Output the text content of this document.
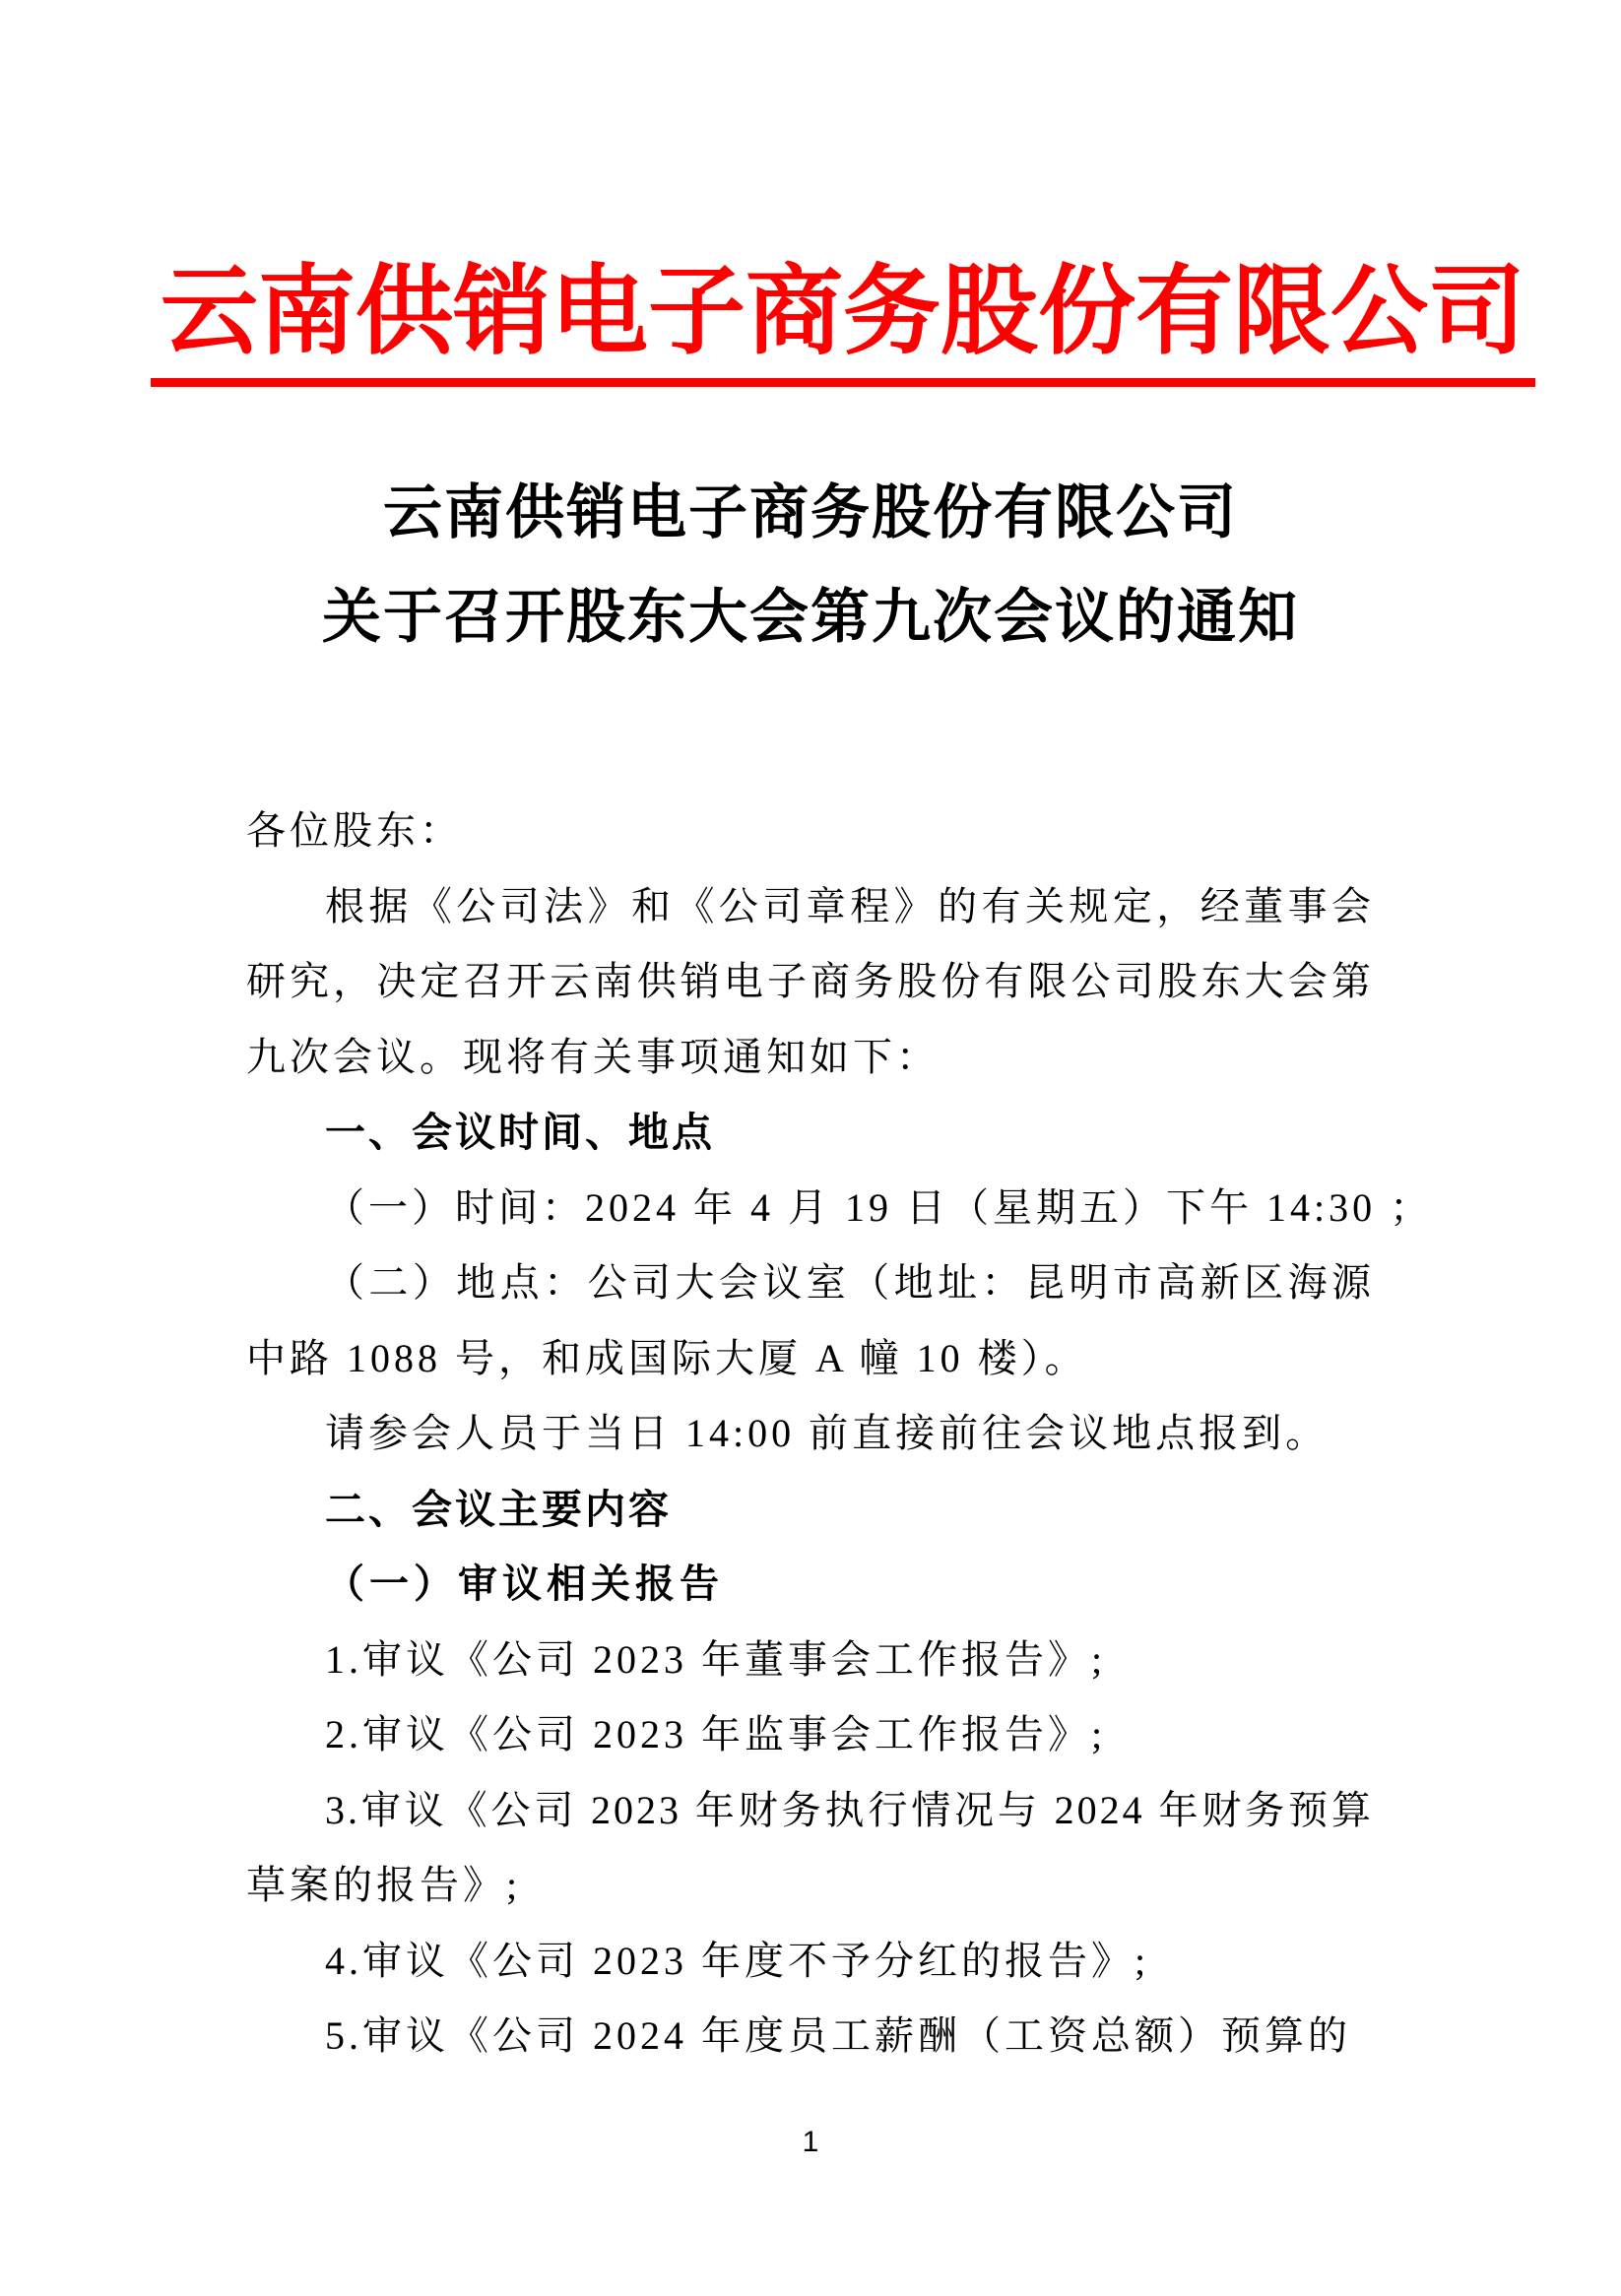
云南供销电子商务股份有限公司
云南供销电子商务股份有限公司
关于召开股东大会第九次会议的通知
各位股东：
根据《公司法》和《公司章程》的有关规定，经董事会
研究，决定召开云南供销电子商务股份有限公司股东大会第
九次会议。现将有关事项通知如下：
一、会议时间、地点
（一）时间：2024 年 4 月 19 日（星期五）下午 14:30 ；
（二）地点：公司大会议室（地址：昆明市高新区海源
中路 1088 号，和成国际大厦 A 幢 10 楼）。
请参会人员于当日 14:00 前直接前往会议地点报到。
二、会议主要内容
（一）审议相关报告
1.审议《公司 2023 年董事会工作报告》;
2.审议《公司 2023 年监事会工作报告》;
3.审议《公司 2023 年财务执行情况与 2024 年财务预算
草案的报告》;
4.审议《公司 2023 年度不予分红的报告》;
5.审议《公司 2024 年度员工薪酬（工资总额）预算的
1
